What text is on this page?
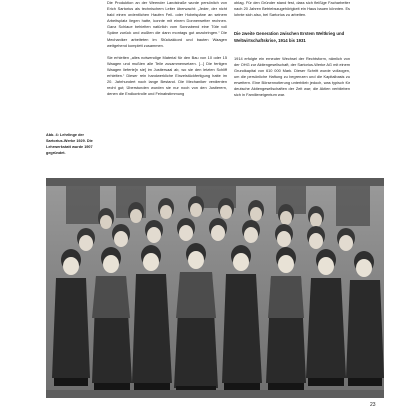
Die Produktion an der Weender Landstraße wurde persönlich von Erich Sartorius als technischem Leiter überwacht: „Jeder, der nicht bald einen ordentlichen Haufen Feil- oder Hobelspäne an seinem Arbeitsplatz liegen hatte, konnte mit einem Donnerwetter rechnen. Ganz Schlaue behielten natürlich vom Sonnabend eine Tüte voll Späne zurück und wußten die dann montags gut anzubringen.“ Die Mechaniker arbeiteten im Stückakkord und bauten Waagen weitgehend komplett zusammen.

Sie erhielten „alles notwendige Material für den Bau von 10 oder 15 Waagen und mußten alle Teile zusammensetzen. [...] Die fertigen Waagen lieferte[n sie] im Justiersaal ab, wo sie den letzten Schliff erhielten.“ Dieser rein handwerkliche Einzelstückfertigung hatte im 20. Jahrhundert noch lange Bestand. Die Mechaniker verdienten recht gut; Überstunden wurden sie nur noch von den Justierern, denen die Endkontrolle und Feinabstimmung

oblag. Für den Gründer stand fest, dass sich fleißige Facharbeiter nach 20 Jahren Betriebszugehörigkeit ein Haus bauen könnten. Es lohnte sich also, bei Sartorius zu arbeiten.

Die zweite Generation zwischen Erstem Weltkrieg und Weltwirtschaftskrise, 1914 bis 1931

1914 erfolgte ein erneuter Wechsel der Rechtsform, nämlich von der OHG zur Aktiengesellschaft, der Sartorius-Werke AG mit einem Grundkapital von 610 000 Mark. Dieser Schritt wurde vollzogen, um die persönliche Haftung zu begrenzen und die Kapitalbasis zu erweitern. Eine Börsennotierung unterblieb jedoch, was typisch für deutsche Aktiengesellschaften der Zeit war; die Aktien verblieben sich in Familieneigentum war.

Abb. 4: Lehrlinge der Sartorius-Werke 1929. Die Lehrwerkstatt wurde 1907 gegründet.
23
